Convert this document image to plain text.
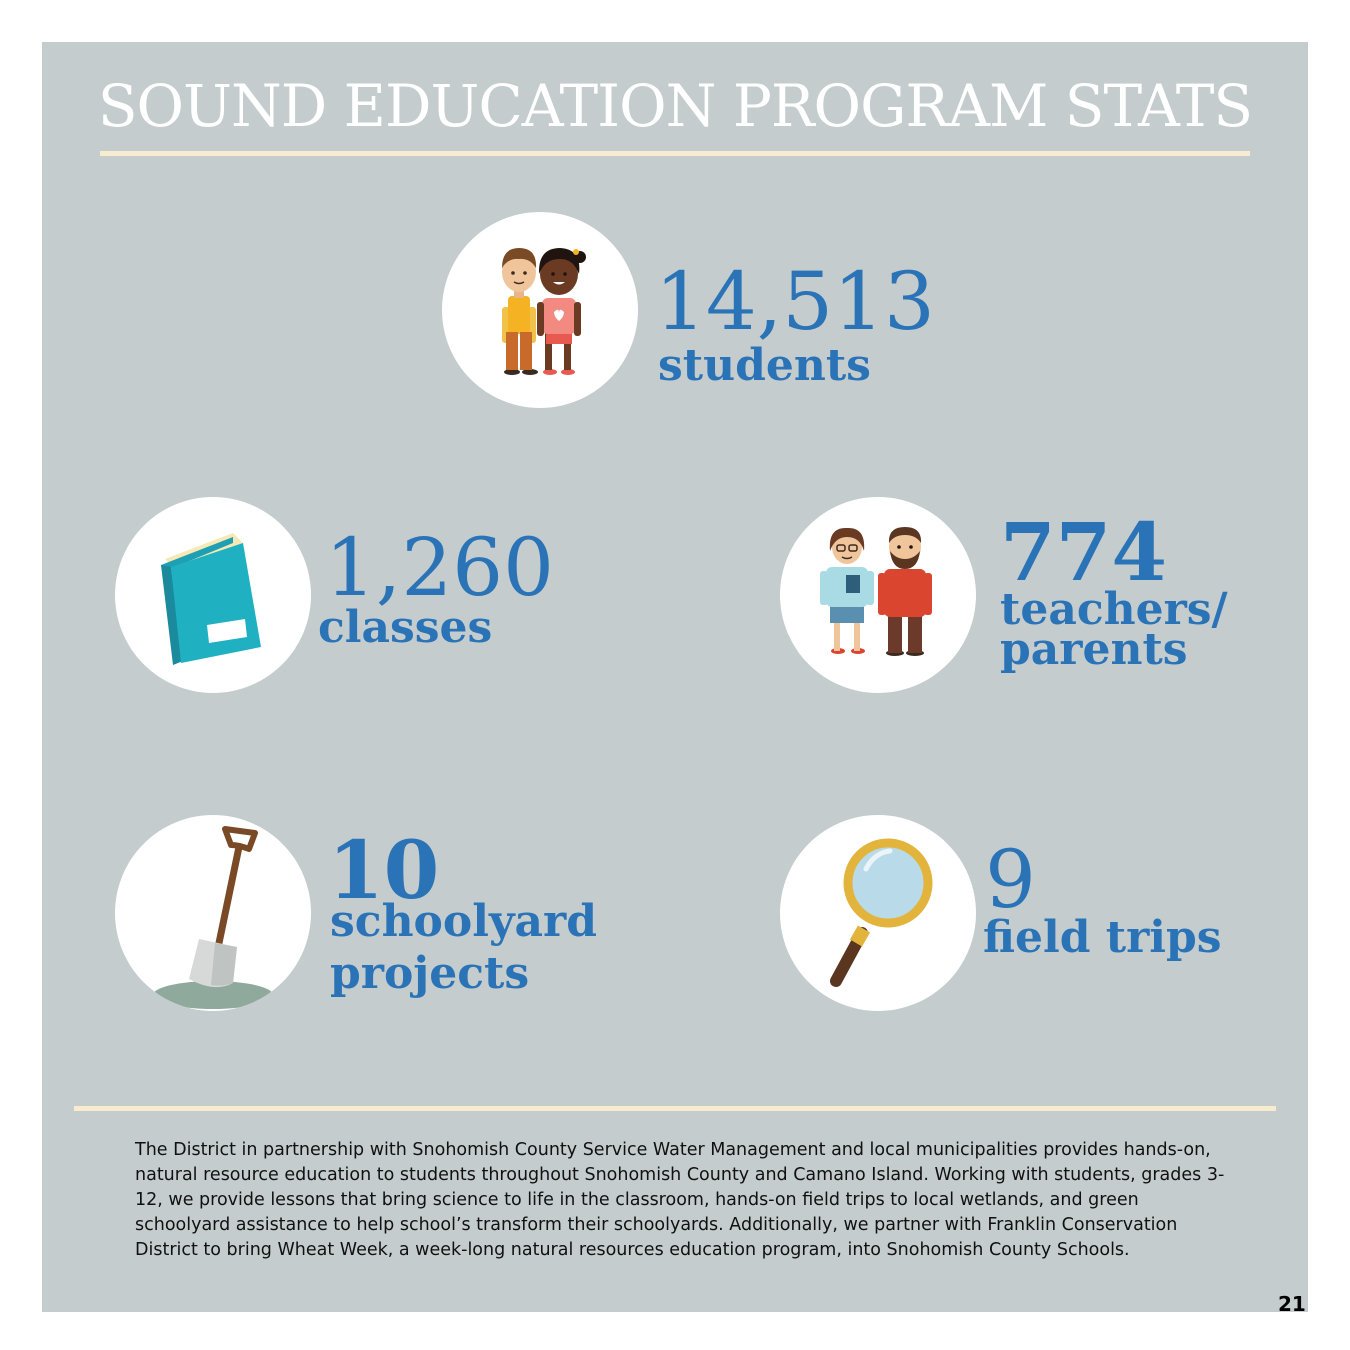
SOUND EDUCATION PROGRAM STATS
14,513
students
1,260
classes
774
teachers/
parents
10
schoolyard
projects
9
field trips
The District in partnership with Snohomish County Service Water Management and local municipalities provides hands-on, natural resource education to students throughout Snohomish County and Camano Island. Working with students, grades 3-12, we provide lessons that bring science to life in the classroom, hands-on field trips to local wetlands, and green schoolyard assistance to help school’s transform their schoolyards. Additionally, we partner with Franklin Conservation District to bring Wheat Week, a week-long natural resources education program, into Snohomish County Schools.
21
